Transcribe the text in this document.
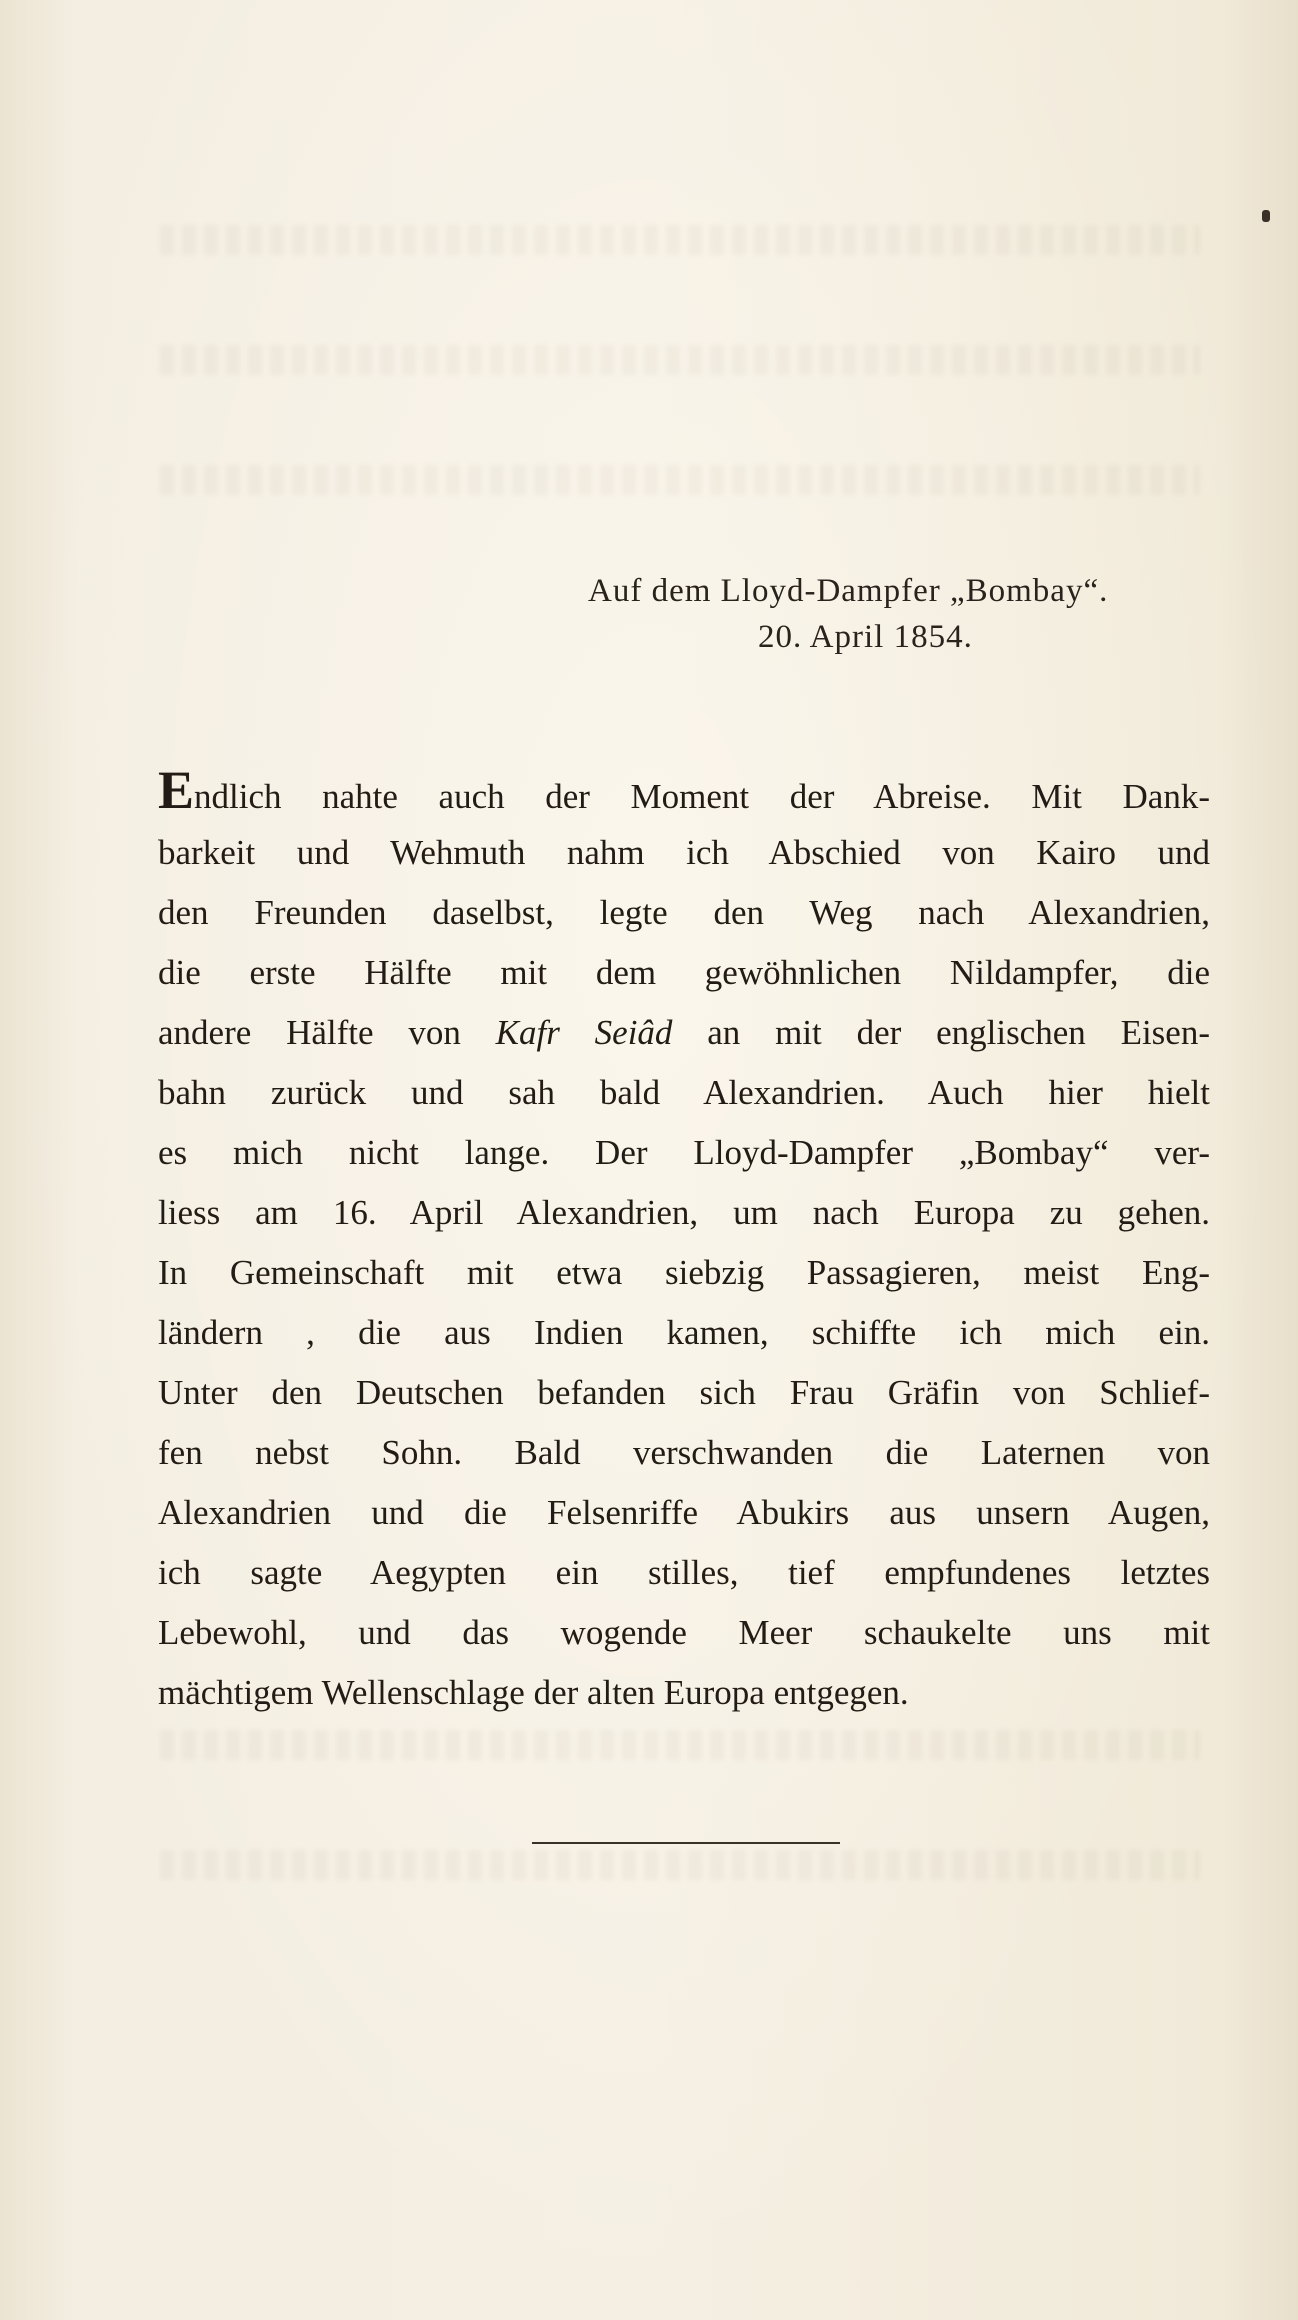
Auf dem Lloyd-Dampfer „Bombay“.
20. April 1854.
Endlich nahte auch der Moment der Abreise. Mit Dank-
barkeit und Wehmuth nahm ich Abschied von Kairo und
den Freunden daselbst, legte den Weg nach Alexandrien,
die erste Hälfte mit dem gewöhnlichen Nildampfer, die
andere Hälfte von Kafr Seiâd an mit der englischen Eisen-
bahn zurück und sah bald Alexandrien. Auch hier hielt
es mich nicht lange. Der Lloyd-Dampfer „Bombay“ ver-
liess am 16. April Alexandrien, um nach Europa zu gehen.
In Gemeinschaft mit etwa siebzig Passagieren, meist Eng-
ländern , die aus Indien kamen, schiffte ich mich ein.
Unter den Deutschen befanden sich Frau Gräfin von Schlief-
fen nebst Sohn. Bald verschwanden die Laternen von
Alexandrien und die Felsenriffe Abukirs aus unsern Augen,
ich sagte Aegypten ein stilles, tief empfundenes letztes
Lebewohl, und das wogende Meer schaukelte uns mit
mächtigem Wellenschlage der alten Europa entgegen.
